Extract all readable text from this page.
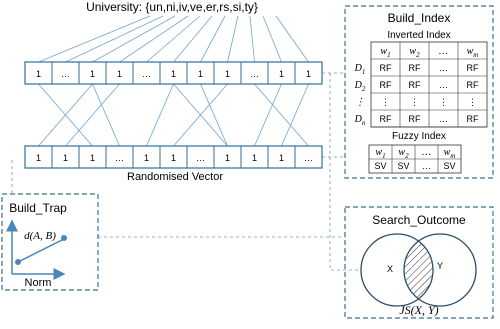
University: {un,ni,iv,ve,er,rs,si,ty}
1 … 1 1 … 1 1 1 … 1 1
1 1 1 … 1 1 … 1 1 1 …
Randomised Vector
Build_Index
Inverted Index
$w_1$ $w_2$ … $w_m$
$D_1$ RF RF … RF
$D_2$ RF RF … RF
⋮ ⋮ ⋮ ⋮ ⋮
$D_n$ RF RF … RF
Fuzzy Index
$w_1$
SV
$w_2$
SV
…
…
$w_m$
SV
Build_Trap
d(A, B)
Norm
Search_Outcome
X	Y
JS(X, Y)
